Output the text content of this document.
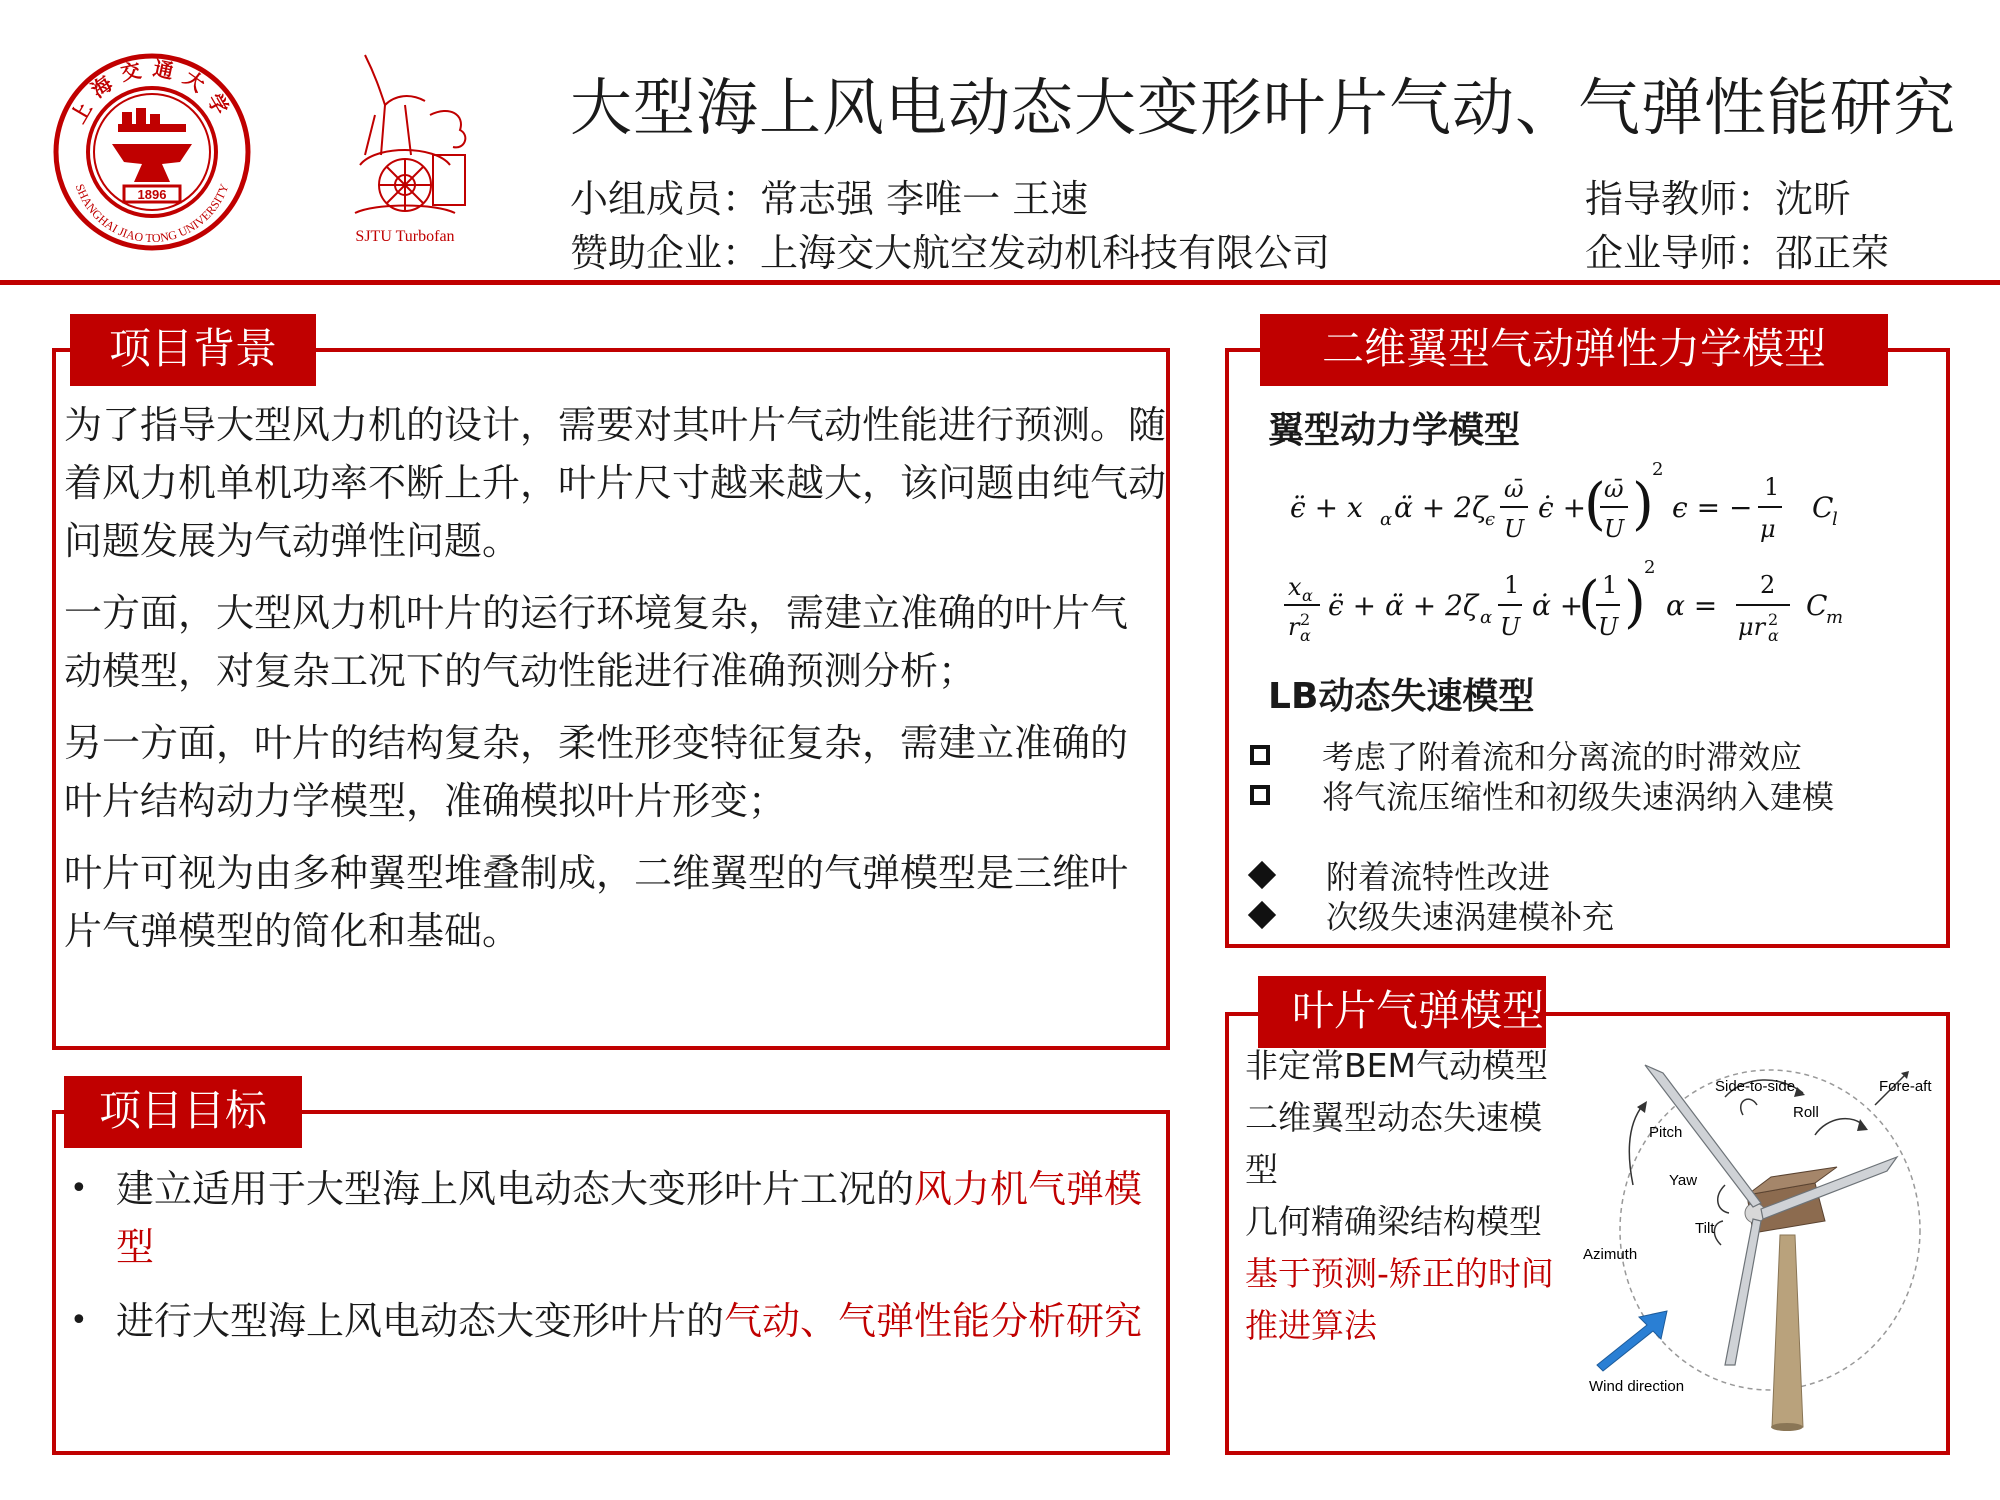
1896
SHANGHAI JIAO TONG UNIVERSITY
上海交通大学
SJTU Turbofan
大型海上风电动态大变形叶片气动、气弹性能研究
小组成员：常志强 李唯一 王速
赞助企业：上海交大航空发动机科技有限公司
指导教师：沈昕
企业导师：邵正荣
项目背景
为了指导大型风力机的设计，需要对其叶片气动性能进行预测。随着风力机单机功率不断上升，叶片尺寸越来越大，该问题由纯气动问题发展为气动弹性问题。
一方面，大型风力机叶片的运行环境复杂，需建立准确的叶片气动模型，对复杂工况下的气动性能进行准确预测分析；
另一方面，叶片的结构复杂，柔性形变特征复杂，需建立准确的叶片结构动力学模型，准确模拟叶片形变；
叶片可视为由多种翼型堆叠制成，二维翼型的气弹模型是三维叶片气弹模型的简化和基础。
项目目标
• 建立适用于大型海上风电动态大变形叶片工况的风力机气弹模型
• 进行大型海上风电动态大变形叶片的气动、气弹性能分析研究
二维翼型气动弹性力学模型
翼型动力学模型
ϵ̈ + x α α̈ + 2ζ
ϵ
ω̄
U
ϵ̇ +
(
ω̄
U )
2
ϵ = −
1
μ
C
l
x α
r 2
α
ϵ̈ + α̈ + 2ζ α
1
U
α̇ +
( 1
U )
2
α =
2
μr 2
α
C
m
LB动态失速模型
考虑了附着流和分离流的时滞效应
将气流压缩性和初级失速涡纳入建模
附着流特性改进
次级失速涡建模补充
叶片气弹模型
非定常BEM气动模型
二维翼型动态失速模型
几何精确梁结构模型
基于预测-矫正的时间推进算法
Side-to-side	Fore-aft
Roll
Pitch
Yaw
Tilt
Azimuth
Wind direction
